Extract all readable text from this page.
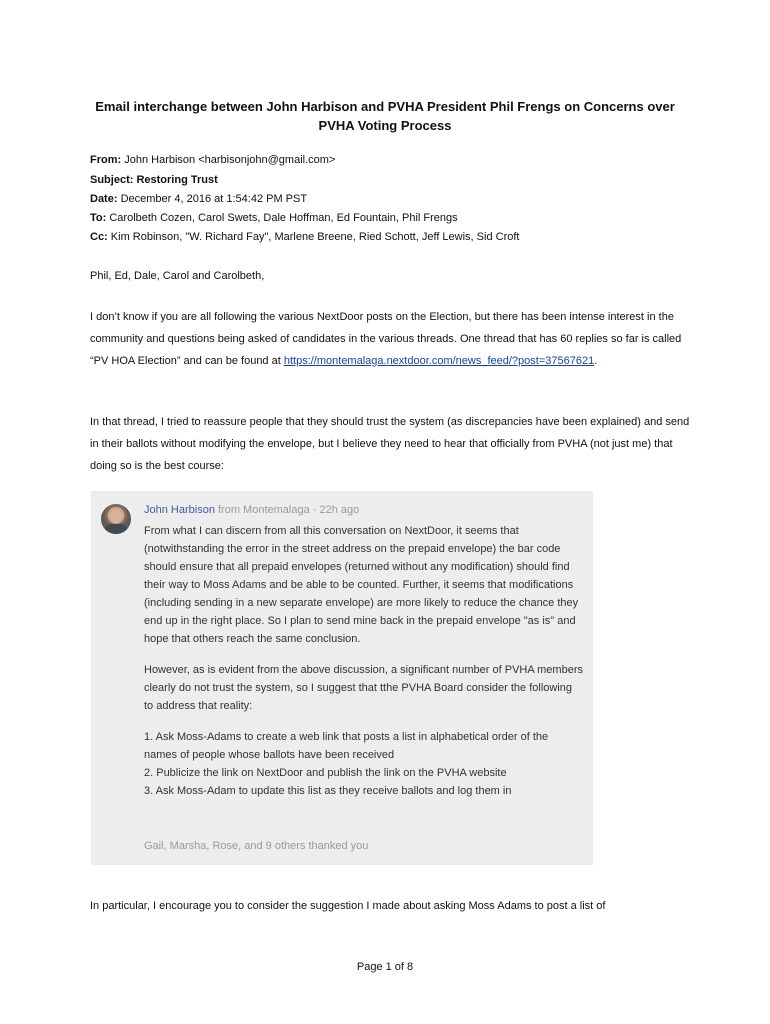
Email interchange between John Harbison and PVHA President Phil Frengs on Concerns over PVHA Voting Process
From: John Harbison <harbisonjohn@gmail.com>
Subject: Restoring Trust
Date: December 4, 2016 at 1:54:42 PM PST
To: Carolbeth Cozen, Carol Swets, Dale Hoffman, Ed Fountain, Phil Frengs
Cc: Kim Robinson, "W. Richard Fay", Marlene Breene, Ried Schott, Jeff Lewis, Sid Croft
Phil, Ed, Dale, Carol and Carolbeth,
I don’t know if you are all following the various NextDoor posts on the Election, but there has been intense interest in the community and questions being asked of candidates in the various threads. One thread that has 60 replies so far is called “PV HOA Election” and can be found at https://montemalaga.nextdoor.com/news_feed/?post=37567621.
In that thread, I tried to reassure people that they should trust the system (as discrepancies have been explained) and send in their ballots without modifying the envelope, but I believe they need to hear that officially from PVHA (not just me) that doing so is the best course:
John Harbison from Montemalaga · 22h ago

From what I can discern from all this conversation on NextDoor, it seems that (notwithstanding the error in the street address on the prepaid envelope) the bar code should ensure that all prepaid envelopes (returned without any modification) should find their way to Moss Adams and be able to be counted. Further, it seems that modifications (including sending in a new separate envelope) are more likely to reduce the chance they end up in the right place. So I plan to send mine back in the prepaid envelope "as is" and hope that others reach the same conclusion.

However, as is evident from the above discussion, a significant number of PVHA members clearly do not trust the system, so I suggest that tthe PVHA Board consider the following to address that reality:

1. Ask Moss-Adams to create a web link that posts a list in alphabetical order of the names of people whose ballots have been received
2. Publicize the link on NextDoor and publish the link on the PVHA website
3. Ask Moss-Adam to update this list as they receive ballots and log them in

Gail, Marsha, Rose, and 9 others thanked you
In particular, I encourage you to consider the suggestion I made about asking Moss Adams to post a list of
Page 1 of 8
